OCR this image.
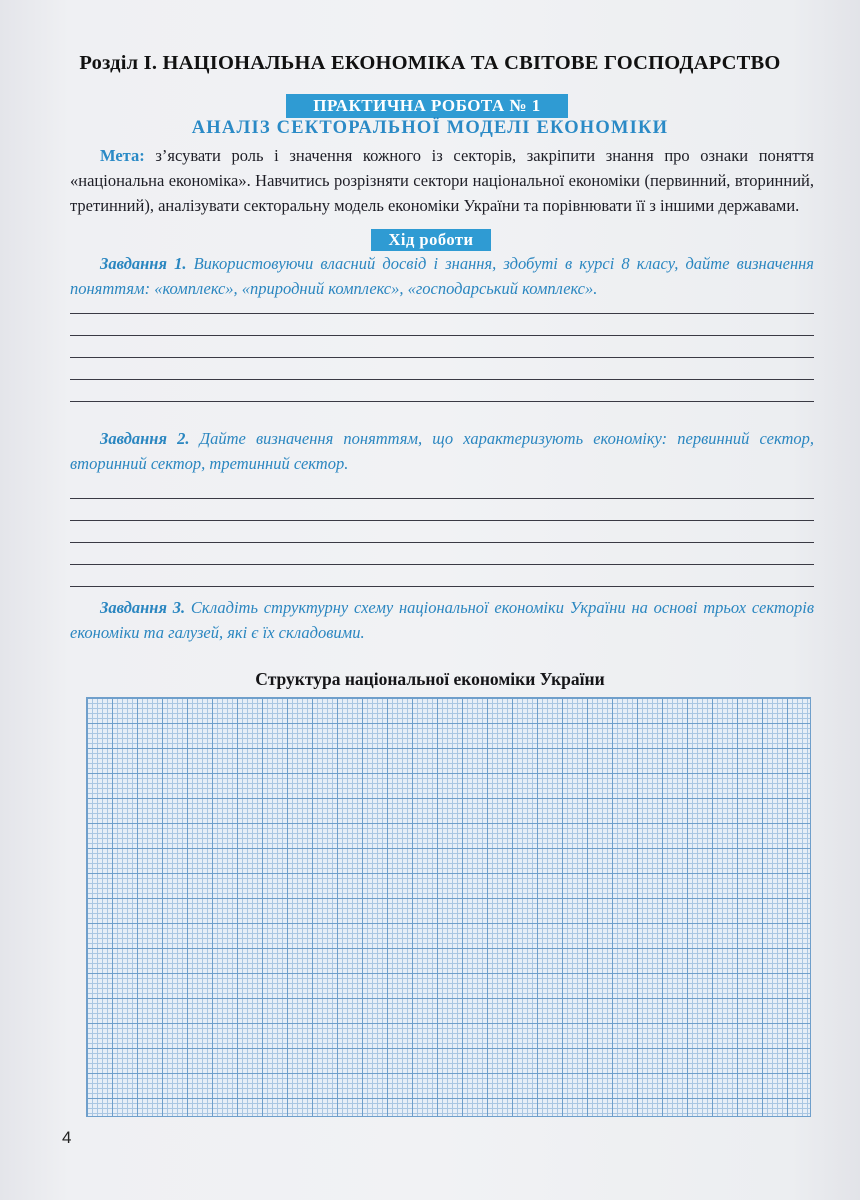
Розділ І. НАЦІОНАЛЬНА ЕКОНОМІКА ТА СВІТОВЕ ГОСПОДАРСТВО
ПРАКТИЧНА РОБОТА № 1
АНАЛІЗ СЕКТОРАЛЬНОЇ МОДЕЛІ ЕКОНОМІКИ
Мета: з’ясувати роль і значення кожного із секторів, закріпити знання про ознаки поняття «національна економіка». Навчитись розрізняти сектори національної економіки (первинний, вторинний, третинний), аналізувати секторальну модель економіки України та порівнювати її з іншими державами.
Хід роботи
Завдання 1. Використовуючи власний досвід і знання, здобуті в курсі 8 класу, дайте визначення поняттям: «комплекс», «природний комплекс», «господарський комплекс».
Завдання 2. Дайте визначення поняттям, що характеризують економіку: первинний сектор, вторинний сектор, третинний сектор.
Завдання 3. Складіть структурну схему національної економіки України на основі трьох секторів економіки та галузей, які є їх складовими.
Структура національної економіки України
4
